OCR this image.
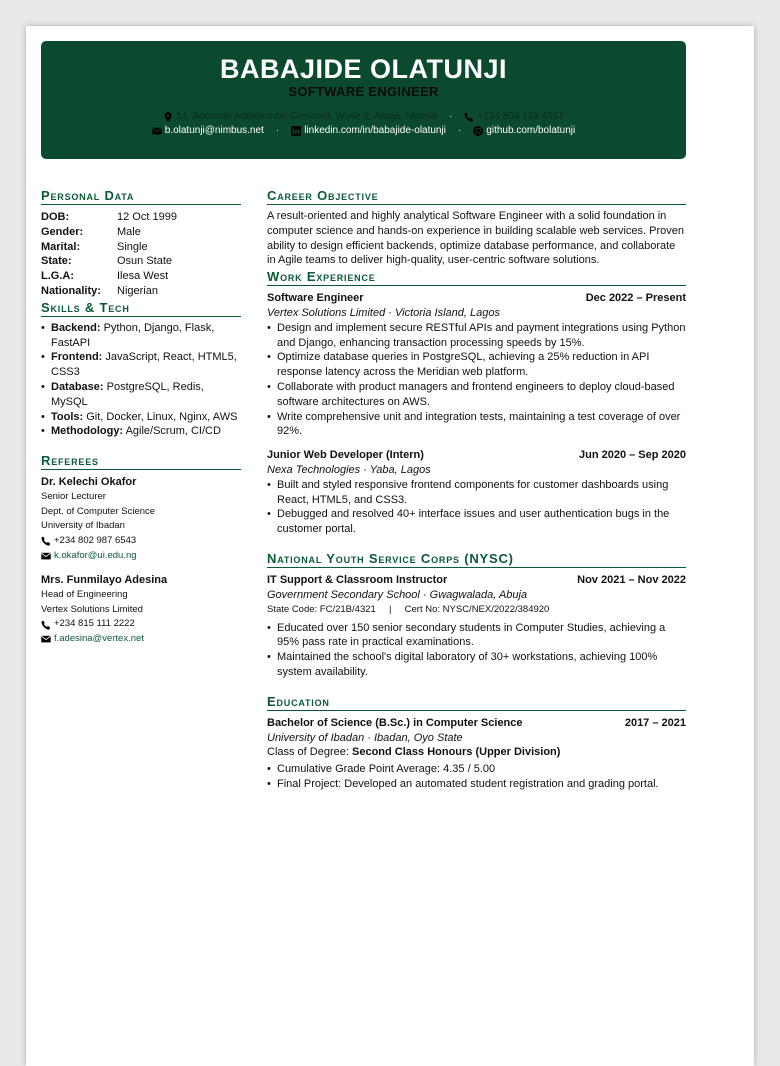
BABAJIDE OLATUNJI
SOFTWARE ENGINEER
14, Ademola Adetokunbo Crescent, Wuse II, Abuja, Nigeria ·	+234 803 123 4567
b.olatunji@nimbus.net ·	linkedin.com/in/babajide-olatunji ·	github.com/bolatunji
Personal Data
DOB:	12 Oct 1999
Gender:	Male
Marital:	Single
State:	Osun State
L.G.A:	Ilesa West
Nationality:	Nigerian
Skills & Tech
• Backend: Python, Django, Flask, FastAPI
• Frontend: JavaScript, React, HTML5, CSS3
• Database: PostgreSQL, Redis, MySQL
• Tools: Git, Docker, Linux, Nginx, AWS
• Methodology: Agile/Scrum, CI/CD
Referees
Dr. Kelechi Okafor
Senior Lecturer
Dept. of Computer Science
University of Ibadan
+234 802 987 6543
k.okafor@ui.edu.ng
Mrs. Funmilayo Adesina
Head of Engineering
Vertex Solutions Limited
+234 815 111 2222
f.adesina@vertex.net
Career Objective
A result-oriented and highly analytical Software Engineer with a solid foundation in computer science and hands-on experience in building scalable web services. Proven ability to design efficient backends, optimize database performance, and collaborate in Agile teams to deliver high-quality, user-centric software solutions.
Work Experience
Software Engineer	Dec 2022 – Present
Vertex Solutions Limited · Victoria Island, Lagos
• Design and implement secure RESTful APIs and payment integrations using Python and Django, enhancing transaction processing speeds by 15%.
• Optimize database queries in PostgreSQL, achieving a 25% reduction in API response latency across the Meridian web platform.
• Collaborate with product managers and frontend engineers to deploy cloud-based software architectures on AWS.
• Write comprehensive unit and integration tests, maintaining a test coverage of over 92%.
Junior Web Developer (Intern)	Jun 2020 – Sep 2020
Nexa Technologies · Yaba, Lagos
• Built and styled responsive frontend components for customer dashboards using React, HTML5, and CSS3.
• Debugged and resolved 40+ interface issues and user authentication bugs in the customer portal.
National Youth Service Corps (NYSC)
IT Support & Classroom Instructor	Nov 2021 – Nov 2022
Government Secondary School · Gwagwalada, Abuja
State Code: FC/21B/4321     |     Cert No: NYSC/NEX/2022/384920
• Educated over 150 senior secondary students in Computer Studies, achieving a 95% pass rate in practical examinations.
• Maintained the school's digital laboratory of 30+ workstations, achieving 100% system availability.
Education
Bachelor of Science (B.Sc.) in Computer Science	2017 – 2021
University of Ibadan · Ibadan, Oyo State
Class of Degree: Second Class Honours (Upper Division)
• Cumulative Grade Point Average: 4.35 / 5.00
• Final Project: Developed an automated student registration and grading portal.
